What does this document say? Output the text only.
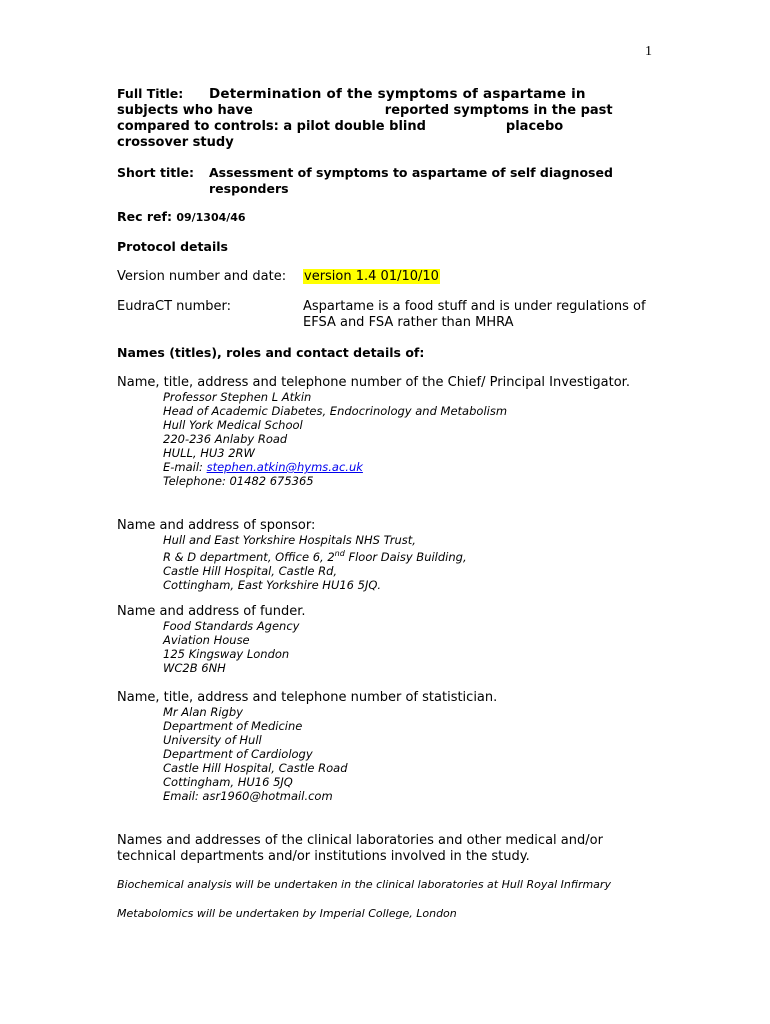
1
Full Title: Determination of the symptoms of aspartame in
subjects who have	reported symptoms in the past
compared to controls: a pilot double blind	placebo
crossover study
Short title: Assessment of symptoms to aspartame of self diagnosed responders
Rec ref: 09/1304/46
Protocol details
Version number and date: version 1.4 01/10/10
EudraCT number:	Aspartame is a food stuff and is under regulations of EFSA and FSA rather than MHRA
Names (titles), roles and contact details of:
Name, title, address and telephone number of the Chief/ Principal Investigator.
Professor Stephen L Atkin
Head of Academic Diabetes, Endocrinology and Metabolism
Hull York Medical School
220-236 Anlaby Road
HULL, HU3 2RW
E-mail: stephen.atkin@hyms.ac.uk
Telephone: 01482 675365
Name and address of sponsor:
Hull and East Yorkshire Hospitals NHS Trust,
R & D department, Office 6, 2nd Floor Daisy Building,
Castle Hill Hospital, Castle Rd,
Cottingham, East Yorkshire HU16 5JQ.
Name and address of funder.
Food Standards Agency
Aviation House
125 Kingsway London
WC2B 6NH
Name, title, address and telephone number of statistician.
Mr Alan Rigby
Department of Medicine
University of Hull
Department of Cardiology
Castle Hill Hospital, Castle Road
Cottingham, HU16 5JQ
Email: asr1960@hotmail.com
Names and addresses of the clinical laboratories and other medical and/or technical departments and/or institutions involved in the study.
Biochemical analysis will be undertaken in the clinical laboratories at Hull Royal Infirmary
Metabolomics will be undertaken by Imperial College, London
